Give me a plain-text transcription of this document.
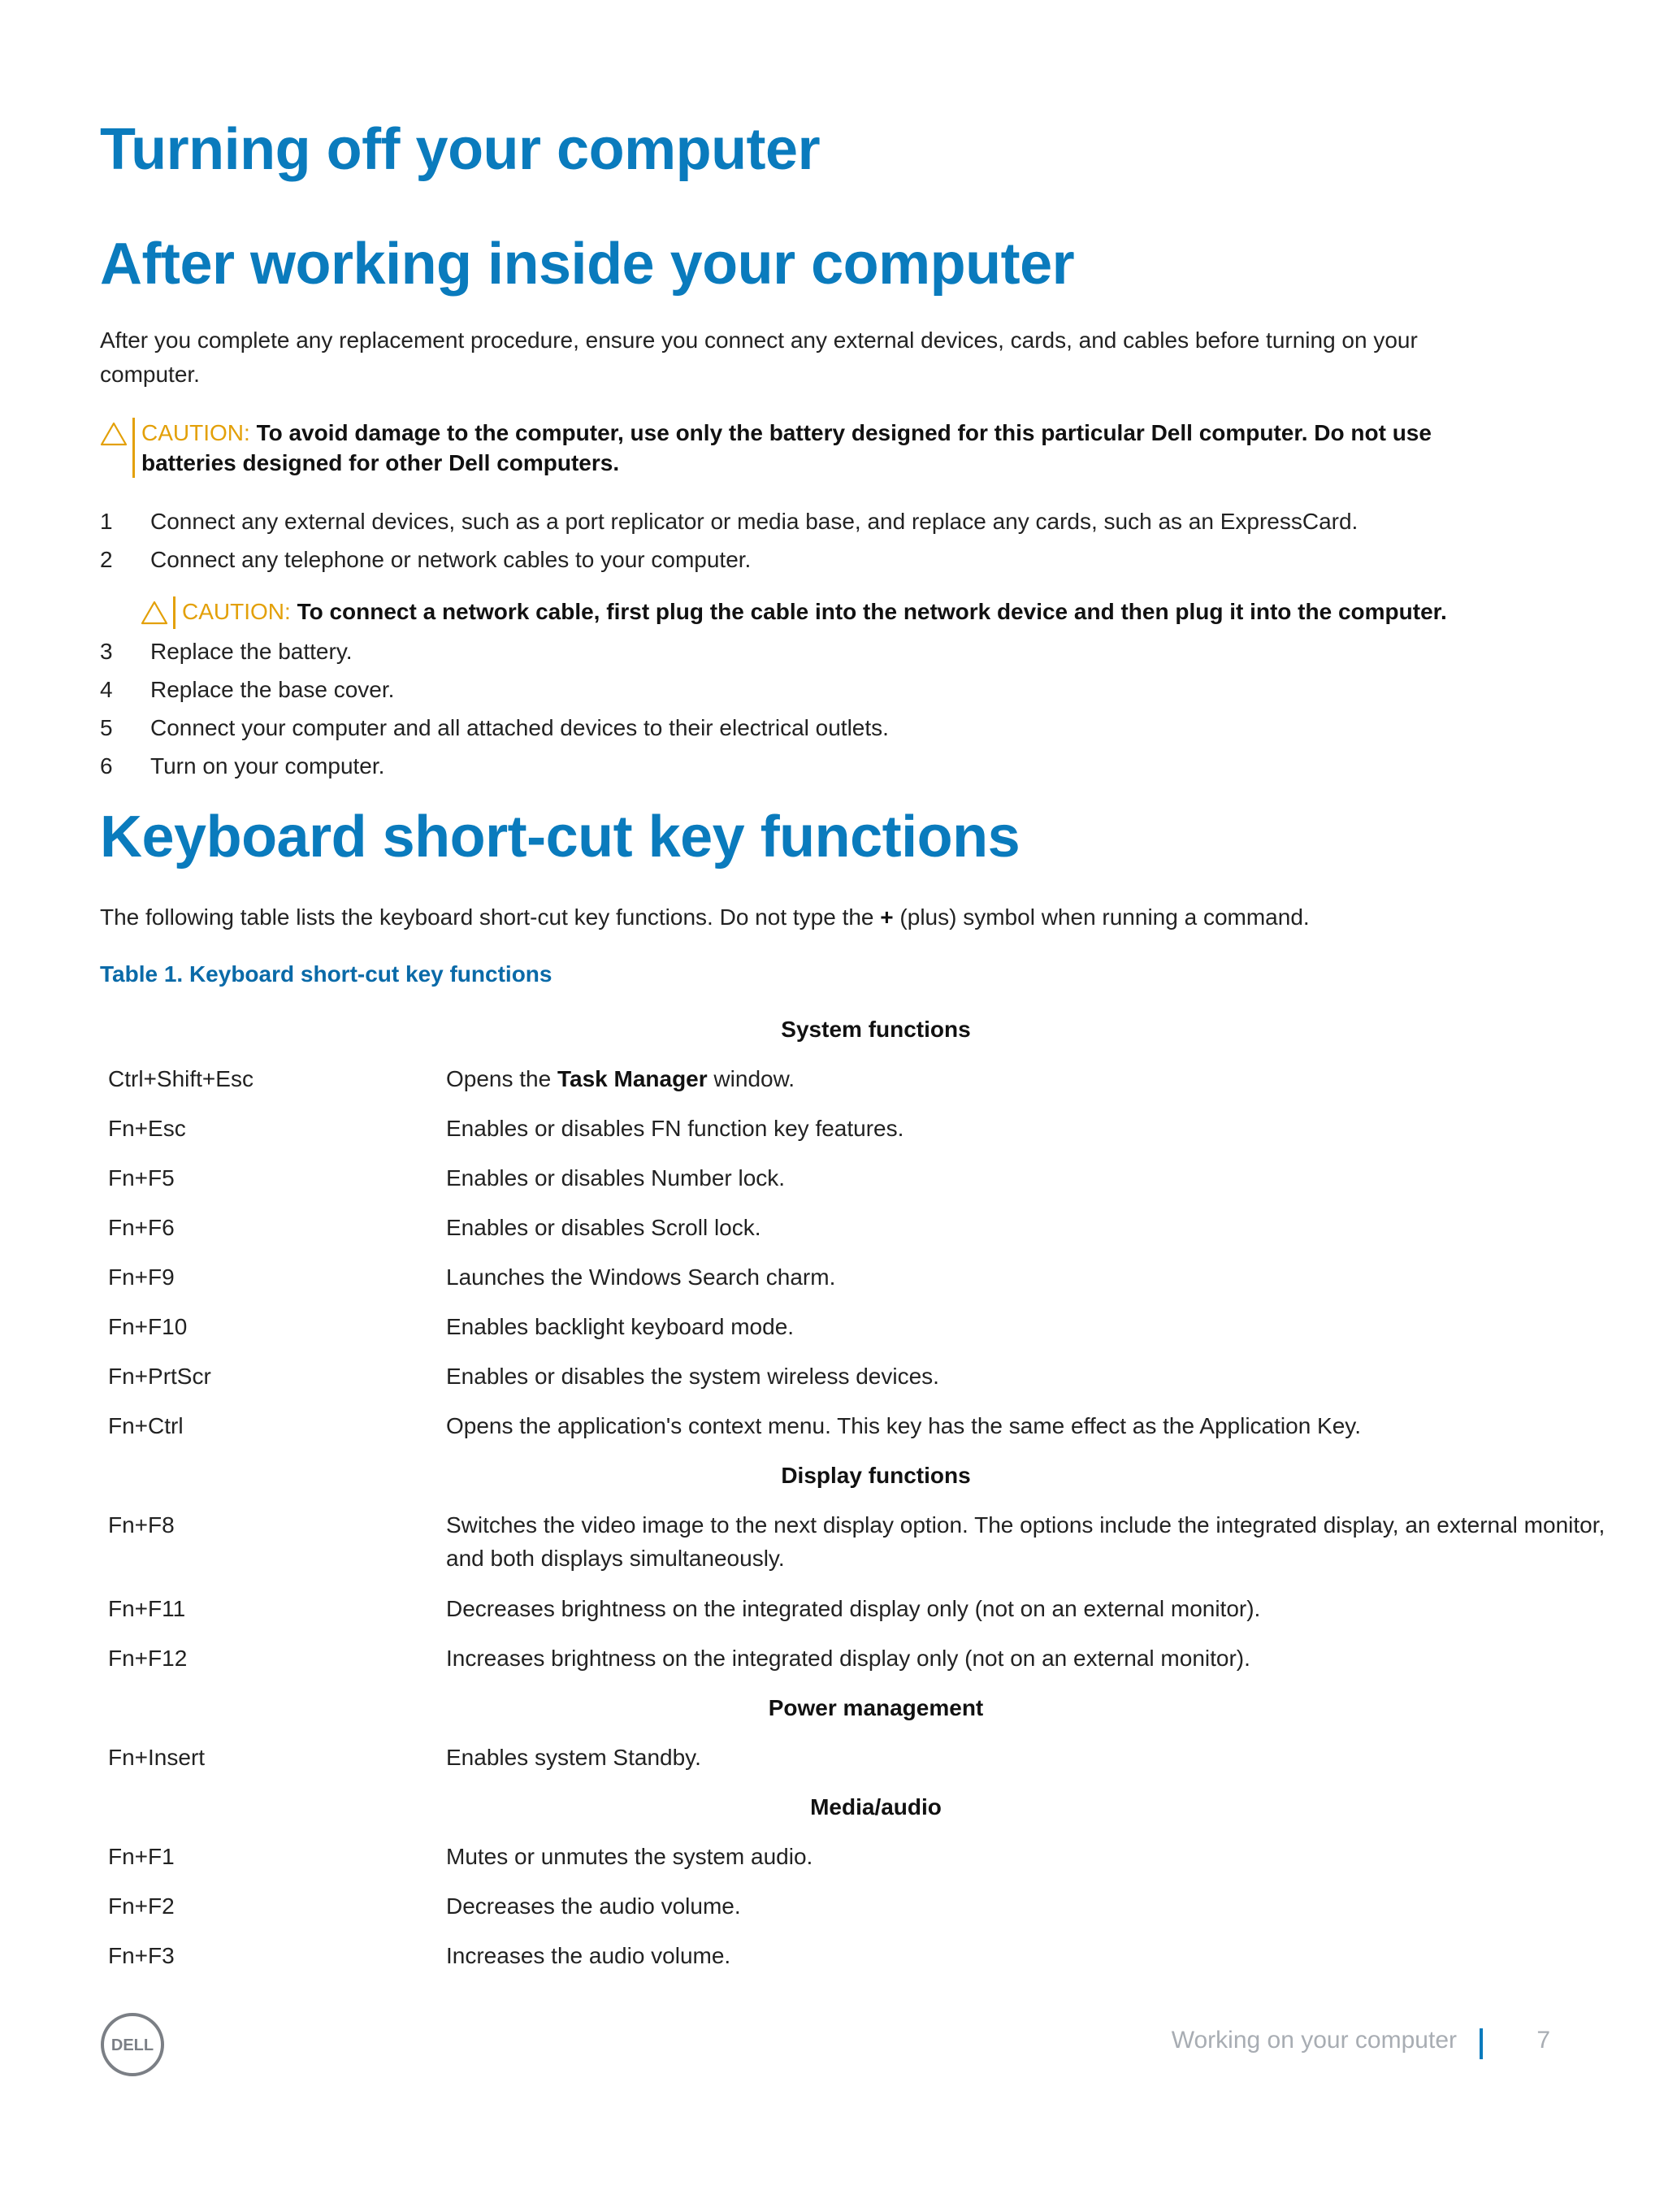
Turning off your computer
After working inside your computer

After you complete any replacement procedure, ensure you connect any external devices, cards, and cables before turning on your computer.

CAUTION: To avoid damage to the computer, use only the battery designed for this particular Dell computer. Do not use batteries designed for other Dell computers.
1	Connect any external devices, such as a port replicator or media base, and replace any cards, such as an ExpressCard.
2	Connect any telephone or network cables to your computer.
CAUTION: To connect a network cable, first plug the cable into the network device and then plug it into the computer.
3	Replace the battery.
4	Replace the base cover.
5	Connect your computer and all attached devices to their electrical outlets.
6	Turn on your computer.
Keyboard short-cut key functions

The following table lists the keyboard short-cut key functions. Do not type the + (plus) symbol when running a command.

Table 1. Keyboard short-cut key functions

System functions	
Ctrl+Shift+Esc	Opens the Task Manager window.
Fn+Esc	Enables or disables FN function key features.
Fn+F5	Enables or disables Number lock.
Fn+F6	Enables or disables Scroll lock.
Fn+F9	Launches the Windows Search charm.
Fn+F10	Enables backlight keyboard mode.
Fn+PrtScr	Enables or disables the system wireless devices.
Fn+Ctrl	Opens the application's context menu. This key has the same effect as the Application Key.
Display functions	
Fn+F8	Switches the video image to the next display option. The options include the integrated display, an external monitor, and both displays simultaneously.
Fn+F11	Decreases brightness on the integrated display only (not on an external monitor).
Fn+F12	Increases brightness on the integrated display only (not on an external monitor).
Power management	
Fn+Insert	Enables system Standby.
Media/audio	
Fn+F1	Mutes or unmutes the system audio.
Fn+F2	Decreases the audio volume.
Fn+F3	Increases the audio volume.
DELL	Working on your computer	7
